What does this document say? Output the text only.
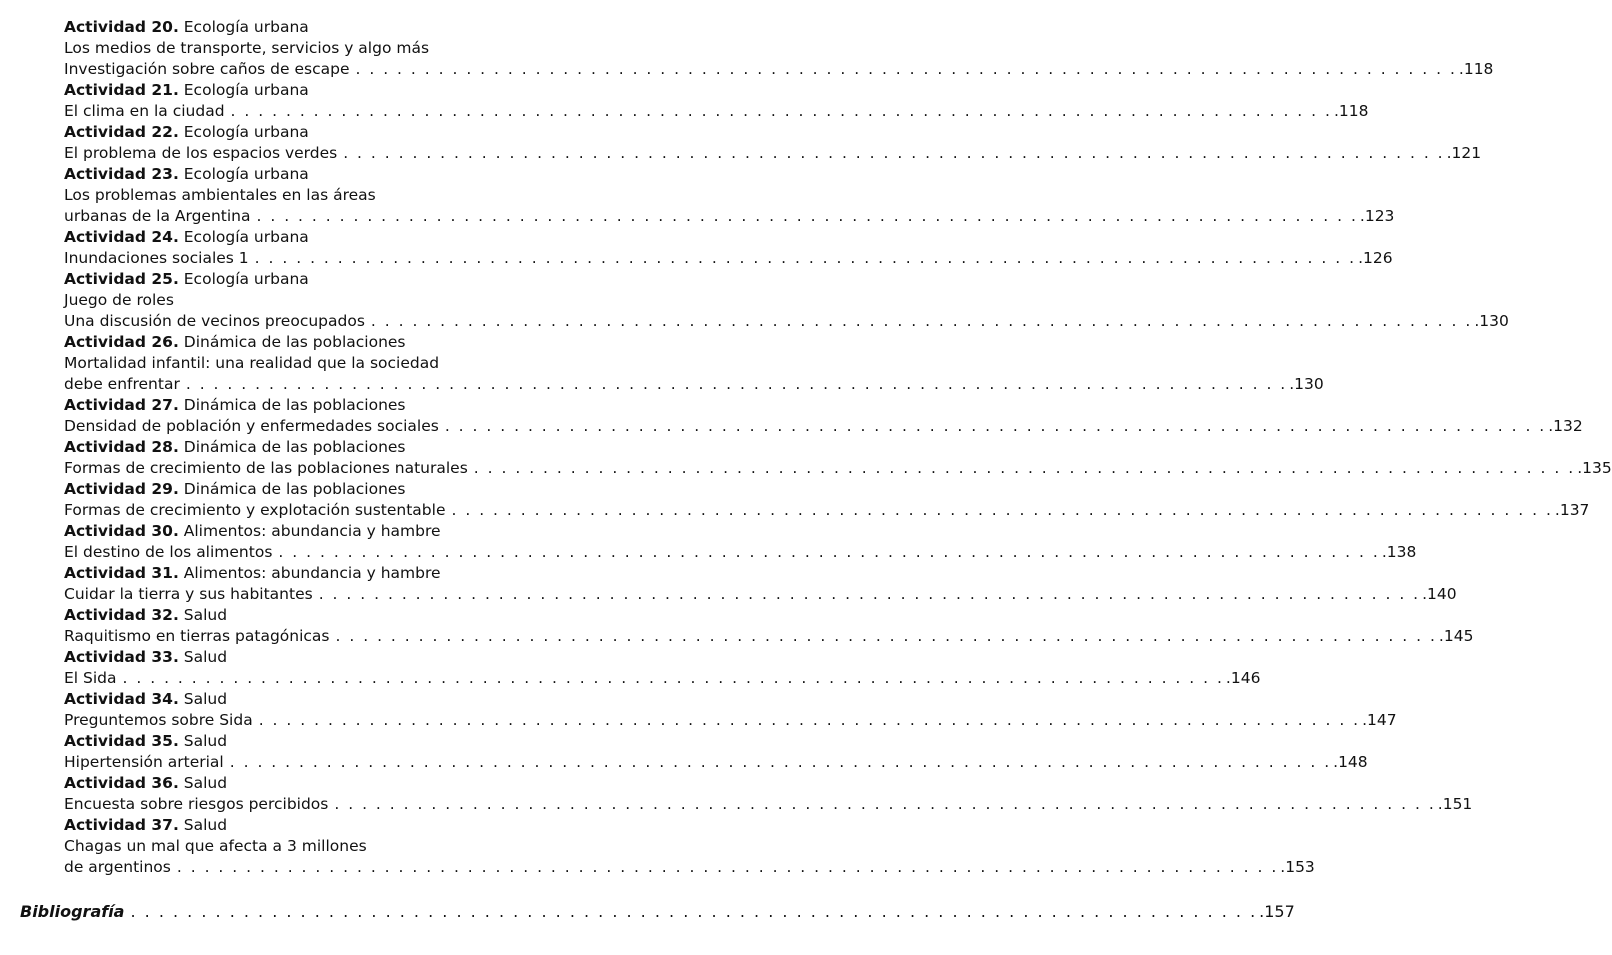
Actividad 20.
Ecología urbana
Los medios de transporte, servicios y algo más
Investigación sobre caños de escape . . . . . . . . . . . . . . . . . . . . . . . . . . . . . . . . . . . . . . . . . . . . . . . . . . . . . . . . . . . . . . . . . . . . . . . . . . . . . . . . .118
Actividad 21.
Ecología urbana
El clima en la ciudad . . . . . . . . . . . . . . . . . . . . . . . . . . . . . . . . . . . . . . . . . . . . . . . . . . . . . . . . . . . . . . . . . . . . . . . . . . . . . . . . .118
Actividad 22.
Ecología urbana
El problema de los espacios verdes . . . . . . . . . . . . . . . . . . . . . . . . . . . . . . . . . . . . . . . . . . . . . . . . . . . . . . . . . . . . . . . . . . . . . . . . . . . . . . . . .121
Actividad 23.
Ecología urbana
Los problemas ambientales en las áreas
urbanas de la Argentina . . . . . . . . . . . . . . . . . . . . . . . . . . . . . . . . . . . . . . . . . . . . . . . . . . . . . . . . . . . . . . . . . . . . . . . . . . . . . . . . .123
Actividad 24.
Ecología urbana
Inundaciones sociales 1 . . . . . . . . . . . . . . . . . . . . . . . . . . . . . . . . . . . . . . . . . . . . . . . . . . . . . . . . . . . . . . . . . . . . . . . . . . . . . . . . .126
Actividad 25.
Ecología urbana
Juego de roles
Una discusión de vecinos preocupados . . . . . . . . . . . . . . . . . . . . . . . . . . . . . . . . . . . . . . . . . . . . . . . . . . . . . . . . . . . . . . . . . . . . . . . . . . . . . . . . .130
Actividad 26.
Dinámica de las poblaciones
Mortalidad infantil: una realidad que la sociedad
debe enfrentar . . . . . . . . . . . . . . . . . . . . . . . . . . . . . . . . . . . . . . . . . . . . . . . . . . . . . . . . . . . . . . . . . . . . . . . . . . . . . . . . .130
Actividad 27.
Dinámica de las poblaciones
Densidad de población y enfermedades sociales . . . . . . . . . . . . . . . . . . . . . . . . . . . . . . . . . . . . . . . . . . . . . . . . . . . . . . . . . . . . . . . . . . . . . . . . . . . . . . . . .132
Actividad 28.
Dinámica de las poblaciones
Formas de crecimiento de las poblaciones naturales . . . . . . . . . . . . . . . . . . . . . . . . . . . . . . . . . . . . . . . . . . . . . . . . . . . . . . . . . . . . . . . . . . . . . . . . . . . . . . . . .135
Actividad 29.
Dinámica de las poblaciones
Formas de crecimiento y explotación sustentable . . . . . . . . . . . . . . . . . . . . . . . . . . . . . . . . . . . . . . . . . . . . . . . . . . . . . . . . . . . . . . . . . . . . . . . . . . . . . . . . .137
Actividad 30.
Alimentos: abundancia y hambre
El destino de los alimentos . . . . . . . . . . . . . . . . . . . . . . . . . . . . . . . . . . . . . . . . . . . . . . . . . . . . . . . . . . . . . . . . . . . . . . . . . . . . . . . . .138
Actividad 31.
Alimentos: abundancia y hambre
Cuidar la tierra y sus habitantes . . . . . . . . . . . . . . . . . . . . . . . . . . . . . . . . . . . . . . . . . . . . . . . . . . . . . . . . . . . . . . . . . . . . . . . . . . . . . . . . .140
Actividad 32.
Salud
Raquitismo en tierras patagónicas . . . . . . . . . . . . . . . . . . . . . . . . . . . . . . . . . . . . . . . . . . . . . . . . . . . . . . . . . . . . . . . . . . . . . . . . . . . . . . . . .145
Actividad 33.
Salud
El Sida . . . . . . . . . . . . . . . . . . . . . . . . . . . . . . . . . . . . . . . . . . . . . . . . . . . . . . . . . . . . . . . . . . . . . . . . . . . . . . . . .146
Actividad 34.
Salud
Preguntemos sobre Sida . . . . . . . . . . . . . . . . . . . . . . . . . . . . . . . . . . . . . . . . . . . . . . . . . . . . . . . . . . . . . . . . . . . . . . . . . . . . . . . . .147
Actividad 35.
Salud
Hipertensión arterial . . . . . . . . . . . . . . . . . . . . . . . . . . . . . . . . . . . . . . . . . . . . . . . . . . . . . . . . . . . . . . . . . . . . . . . . . . . . . . . . .148
Actividad 36.
Salud
Encuesta sobre riesgos percibidos . . . . . . . . . . . . . . . . . . . . . . . . . . . . . . . . . . . . . . . . . . . . . . . . . . . . . . . . . . . . . . . . . . . . . . . . . . . . . . . . .151
Actividad 37.
Salud
Chagas un mal que afecta a 3 millones
de argentinos . . . . . . . . . . . . . . . . . . . . . . . . . . . . . . . . . . . . . . . . . . . . . . . . . . . . . . . . . . . . . . . . . . . . . . . . . . . . . . . . .153
Bibliografía . . . . . . . . . . . . . . . . . . . . . . . . . . . . . . . . . . . . . . . . . . . . . . . . . . . . . . . . . . . . . . . . . . . . . . . . . . . . . . . . .157
